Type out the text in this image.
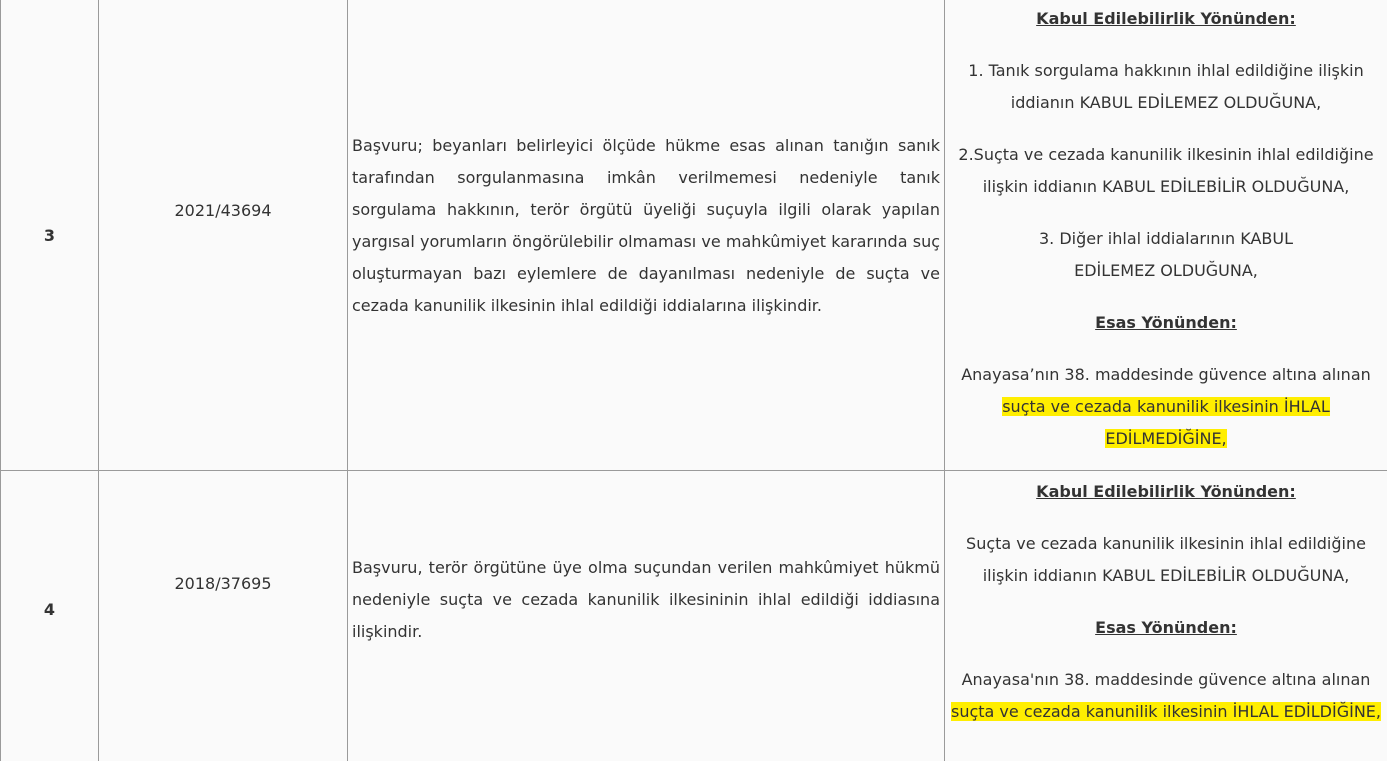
3
2021/43694
Başvuru; beyanları belirleyici ölçüde hükme esas alınan tanığın sanık tarafından sorgulanmasına imkân verilmemesi nedeniyle tanık sorgulama hakkının, terör örgütü üyeliği suçuyla ilgili olarak yapılan yargısal yorumların öngörülebilir olmaması ve mahkûmiyet kararında suç oluşturmayan bazı eylemlere de dayanılması nedeniyle de suçta ve cezada kanunilik ilkesinin ihlal edildiği iddialarına ilişkindir.

Kabul Edilebilirlik Yönünden:

1. Tanık sorgulama hakkının ihlal edildiğine ilişkin iddianın KABUL EDİLEMEZ OLDUĞUNA,

2.Suçta ve cezada kanunilik ilkesinin ihlal edildiğine ilişkin iddianın KABUL EDİLEBİLİR OLDUĞUNA,

3. Diğer ihlal iddialarının KABUL EDİLEMEZ OLDUĞUNA,

Esas Yönünden:

Anayasa’nın 38. maddesinde güvence altına alınan suçta ve cezada kanunilik ilkesinin İHLAL EDİLMEDİĞİNE,

4
2018/37695
Başvuru, terör örgütüne üye olma suçundan verilen mahkûmiyet hükmü nedeniyle suçta ve cezada kanunilik ilkesininin ihlal edildiği iddiasına ilişkindir.

Kabul Edilebilirlik Yönünden:

Suçta ve cezada kanunilik ilkesinin ihlal edildiğine ilişkin iddianın KABUL EDİLEBİLİR OLDUĞUNA,

Esas Yönünden:

Anayasa'nın 38. maddesinde güvence altına alınan suçta ve cezada kanunilik ilkesinin İHLAL EDİLDİĞİNE,
